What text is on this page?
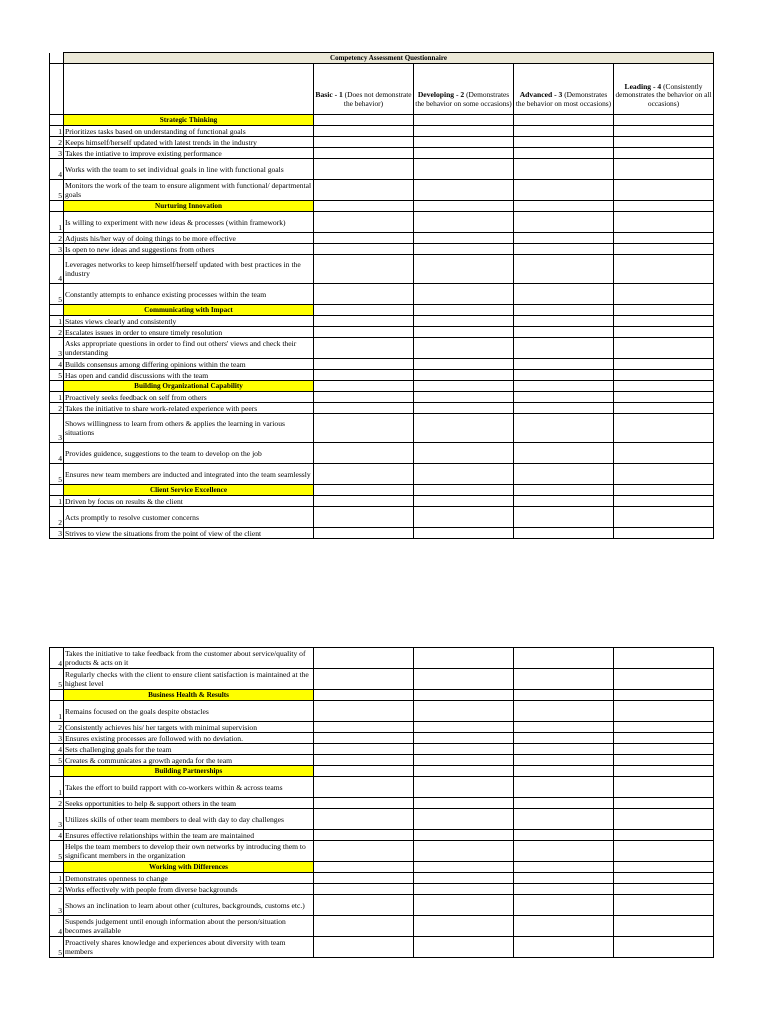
	Competency Assessment Questionnaire				
		Basic - 1 (Does not demonstrate the behavior)	Developing - 2 (Demonstrates the behavior on some occasions)	Advanced - 3 (Demonstrates the behavior on most occasions)	Leading - 4 (Consistently demonstrates the behavior on all occasions)
	Strategic Thinking				
1	Prioritizes tasks based on understanding of functional goals				
2	Keeps himself/herself updated with latest trends in the industry				
3	Takes the intiative to improve existing performance				
4	Works with the team to set individual goals in line with functional goals				
5	Monitors the work of the team to ensure alignment with functional/ departmental goals				
	Nurturing Innovation				
1	Is willing to experiment with new ideas & processes (within framework)				
2	Adjusts his/her way of doing things to be more effective				
3	Is open to new ideas and suggestions from others				
4	Leverages networks to keep himself/herself updated with best practices in the industry				
5	Constantly attempts to enhance existing processes within the team				
	Communicating with Impact				
1	States views clearly and consistently				
2	Escalates issues in order to ensure timely resolution				
3	Asks appropriate questions in order to find out others' views and check their understanding				
4	Builds consensus among differing opinions within the team				
5	Has open and candid discussions with the team				
	Building Organizational Capability				
1	Proactively seeks feedback on self from others				
2	Takes the initiative to share work-related experience with peers				
3	Shows willingness to learn from others & applies the learning in various situations				
4	Provides guidence, suggestions to the team to develop on the job				
5	Ensures new team members are inducted and integrated into the team seamlessly				
	Client Service Excellence				
1	Driven by focus on results & the client				
2	Acts promptly to resolve customer concerns				
3	Strives to view the situations from the point of view of the client				
4	Takes the initiative to take feedback from the customer about service/quality of products & acts on it				
5	Regularly checks with the client to ensure client satisfaction is maintained at the highest level				
	Business Health & Results				
1	Remains focused on the goals despite obstacles				
2	Consistently achieves his/ her targets with minimal supervision				
3	Ensures existing processes are followed with no deviation.				
4	Sets challenging goals for the team				
5	Creates & communicates a growth agenda for the team				
	Building Partnerships				
1	Takes the effort to build rapport with co-workers within & across teams				
2	Seeks opportunities to help & support others in the team				
3	Utilizes skills of other team members to deal with day to day challenges				
4	Ensures effective relationships within the team are maintained				
5	Helps the team members to develop their own networks by introducing them to significant members in the organization				
	Working with Differences				
1	Demonstrates openness to change				
2	Works effectively with people from diverse backgrounds				
3	Shows an inclination to learn about other (cultures, backgrounds, customs etc.)				
4	Suspends judgement until enough information about the person/situation becomes available				
5	Proactively shares knowledge and experiences about diversity with team members				
